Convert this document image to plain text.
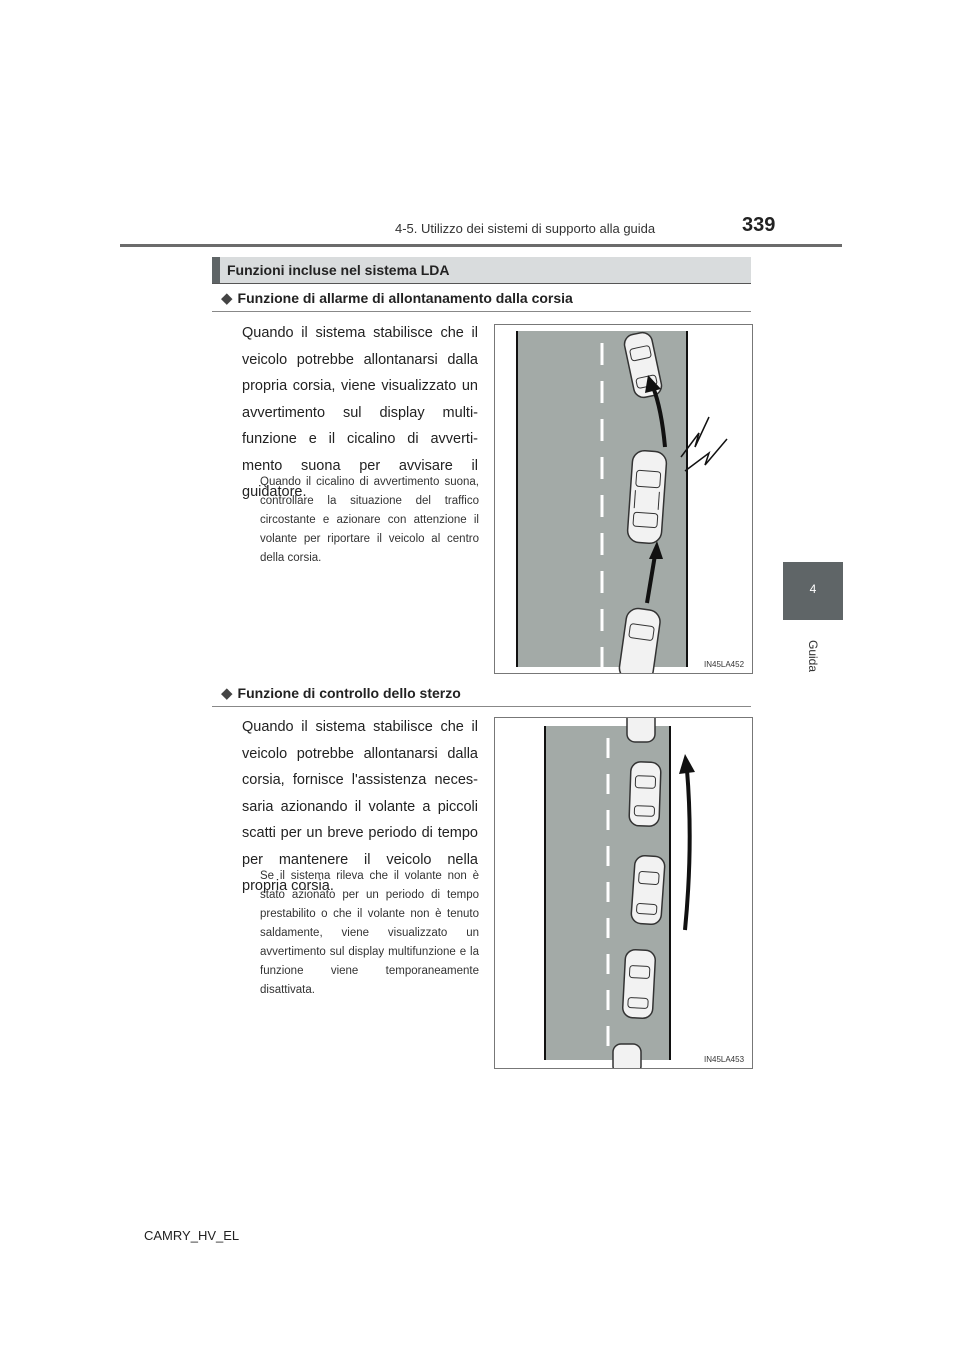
4-5. Utilizzo dei sistemi di supporto alla guida	339
4
Guida
Funzioni incluse nel sistema LDA
◆ Funzione di allarme di allontanamento dalla corsia
Quando il sistema stabilisce che il veicolo potrebbe allontanarsi dalla propria corsia, viene visualizzato un avvertimento sul display multi-funzione e il cicalino di avverti-mento suona per avvisare il guidatore.
Quando il cicalino di avvertimento suona, controllare la situazione del traffico circostante e azionare con attenzione il volante per riportare il veicolo al centro della corsia.
IN45LA452
◆ Funzione di controllo dello sterzo
Quando il sistema stabilisce che il veicolo potrebbe allontanarsi dalla corsia, fornisce l'assistenza neces-saria azionando il volante a piccoli scatti per un breve periodo di tempo per mantenere il veicolo nella propria corsia.
Se il sistema rileva che il volante non è stato azionato per un periodo di tempo prestabilito o che il volante non è tenuto saldamente, viene visualizzato un avvertimento sul display multifunzione e la funzione viene temporaneamente disattivata.
IN45LA453
CAMRY_HV_EL
